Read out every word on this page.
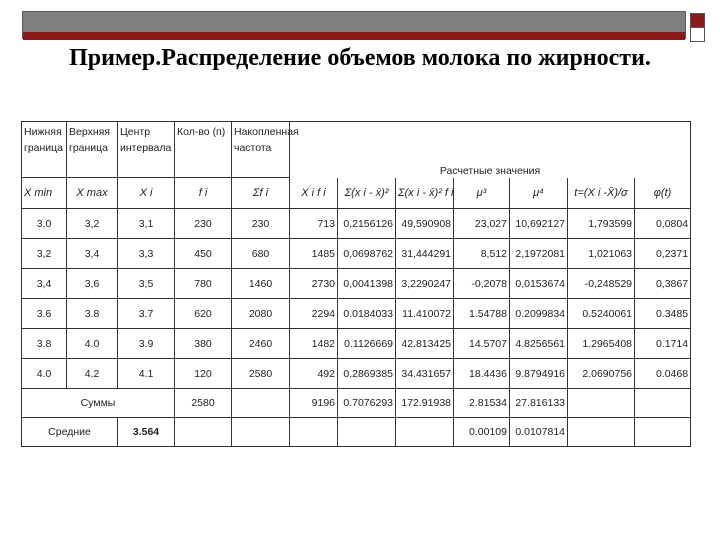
Пример.Распределение объемов молока по жирности.
Нижняя граница	Верхняя граница	Центр интервала	Кол-во (п)	Накопленная частота	Расчетные значения						
X min	X max	X i	f i	Σf i	X i f i	Σ(x i - x̄)²	Σ(x i - x̄)² f i	μ³	μ⁴	t=(X i -X̄)/σ	φ(t)
3,0	3,2	3,1	230	230	713	0,2156126	49,590908	23,027	10,692127	1,793599	0,0804
3,2	3,4	3,3	450	680	1485	0,0698762	31,444291	8,512	2,1972081	1,021063	0,2371
3,4	3,6	3,5	780	1460	2730	0,0041398	3,2290247	-0,2078	0,0153674	-0,248529	0,3867
3.6	3.8	3.7	620	2080	2294	0.0184033	11.410072	1.54788	0.2099834	0.5240061	0.3485
3.8	4.0	3.9	380	2460	1482	0.1126669	42.813425	14.5707	4.8256561	1.2965408	0.1714
4.0	4.2	4.1	120	2580	492	0.2869385	34.431657	18.4436	9.8794916	2.0690756	0.0468
Суммы			2580		9196	0.7076293	172.91938	2.81534	27.816133		
Средние		3.564						0.00109	0.0107814		
